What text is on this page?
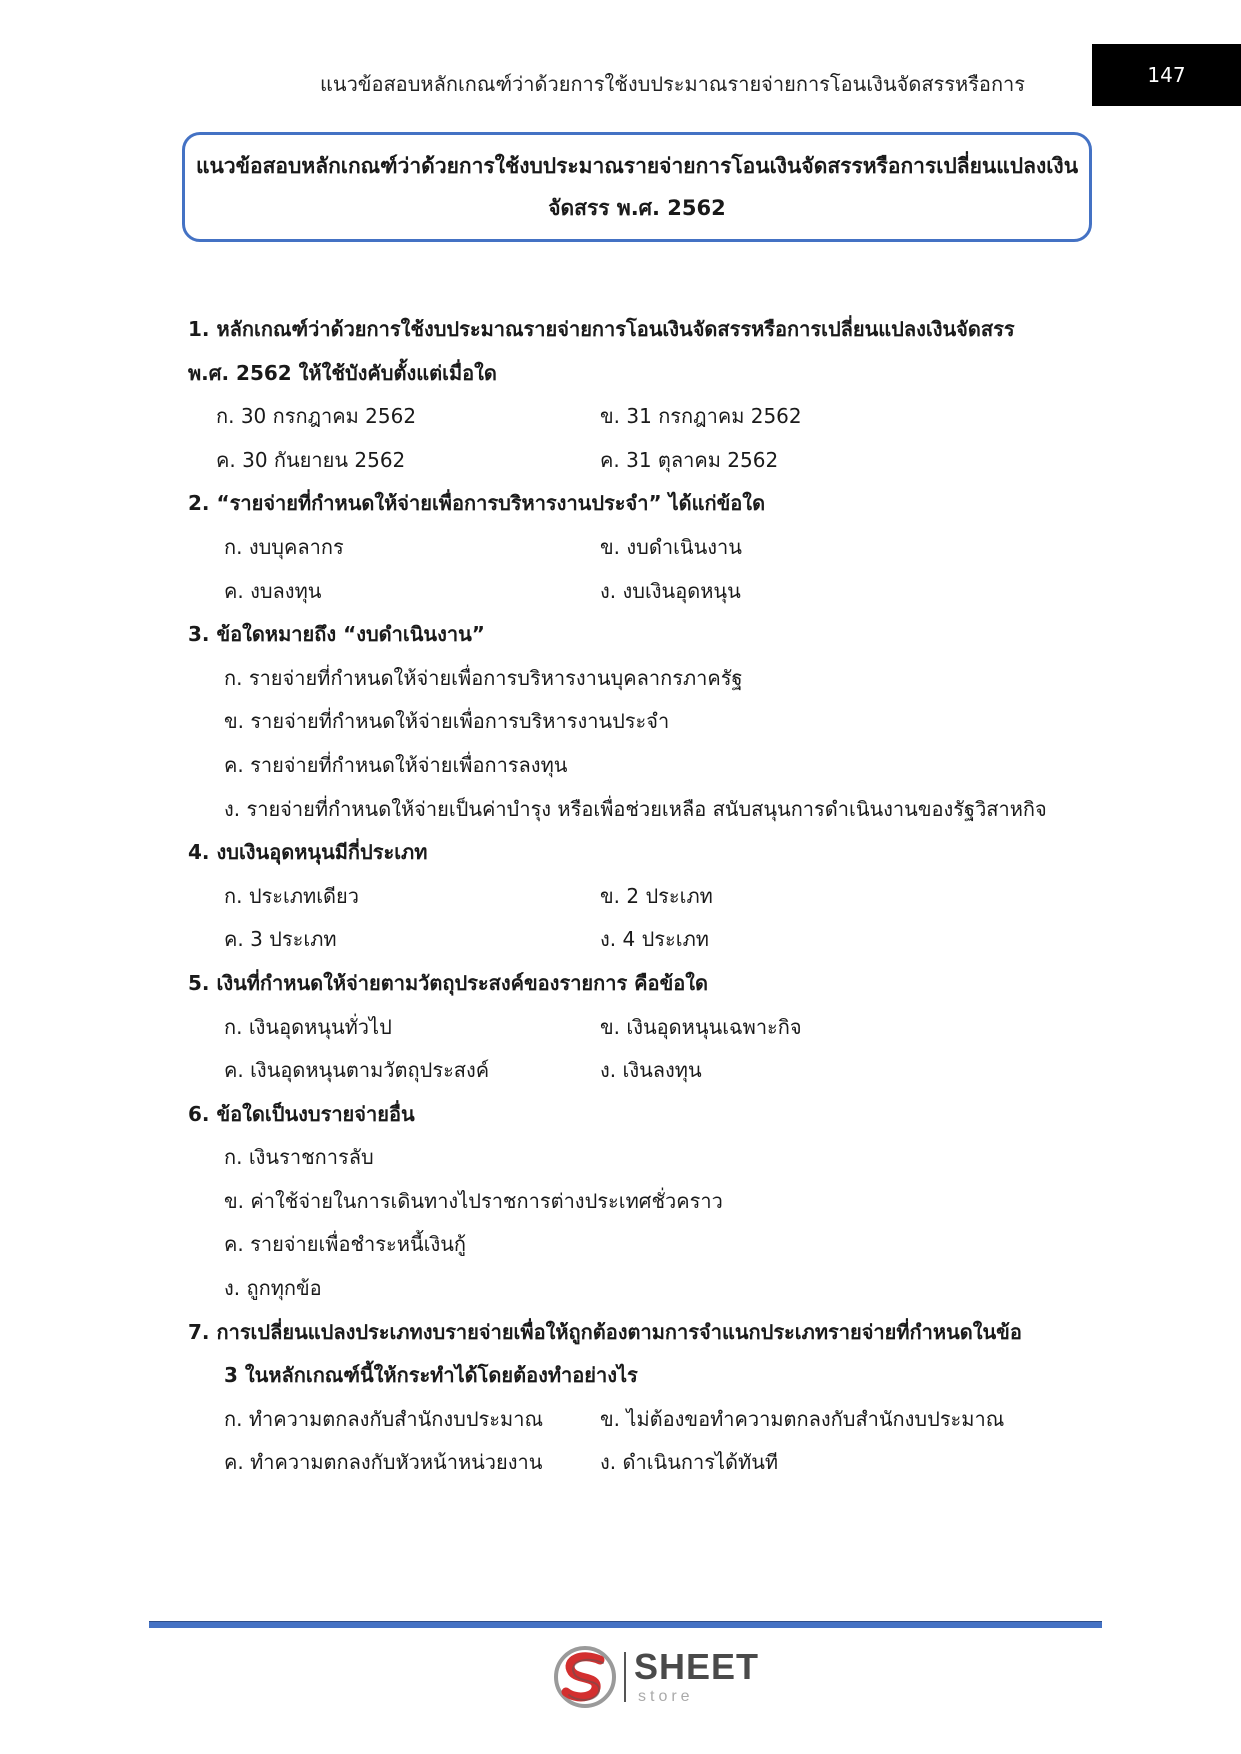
แนวข้อสอบหลักเกณฑ์ว่าด้วยการใช้งบประมาณรายจ่ายการโอนเงินจัดสรรหรือการ	147
แนวข้อสอบหลักเกณฑ์ว่าด้วยการใช้งบประมาณรายจ่ายการโอนเงินจัดสรรหรือการเปลี่ยนแปลงเงิน
จัดสรร พ.ศ. 2562
1. หลักเกณฑ์ว่าด้วยการใช้งบประมาณรายจ่ายการโอนเงินจัดสรรหรือการเปลี่ยนแปลงเงินจัดสรร
พ.ศ. 2562 ให้ใช้บังคับตั้งแต่เมื่อใด
ก. 30 กรกฎาคม 2562	ข. 31 กรกฎาคม 2562
ค. 30 กันยายน 2562	ค. 31 ตุลาคม 2562
2. “รายจ่ายที่กำหนดให้จ่ายเพื่อการบริหารงานประจำ” ได้แก่ข้อใด
ก. งบบุคลากร	ข. งบดำเนินงาน
ค. งบลงทุน	ง. งบเงินอุดหนุน
3. ข้อใดหมายถึง “งบดำเนินงาน”
ก. รายจ่ายที่กำหนดให้จ่ายเพื่อการบริหารงานบุคลากรภาครัฐ
ข. รายจ่ายที่กำหนดให้จ่ายเพื่อการบริหารงานประจำ
ค. รายจ่ายที่กำหนดให้จ่ายเพื่อการลงทุน
ง. รายจ่ายที่กำหนดให้จ่ายเป็นค่าบำรุง หรือเพื่อช่วยเหลือ สนับสนุนการดำเนินงานของรัฐวิสาหกิจ
4. งบเงินอุดหนุนมีกี่ประเภท
ก. ประเภทเดียว	ข. 2 ประเภท
ค. 3 ประเภท	ง. 4 ประเภท
5. เงินที่กำหนดให้จ่ายตามวัตถุประสงค์ของรายการ คือข้อใด
ก. เงินอุดหนุนทั่วไป	ข. เงินอุดหนุนเฉพาะกิจ
ค. เงินอุดหนุนตามวัตถุประสงค์	ง. เงินลงทุน
6. ข้อใดเป็นงบรายจ่ายอื่น
ก. เงินราชการลับ
ข. ค่าใช้จ่ายในการเดินทางไปราชการต่างประเทศชั่วคราว
ค. รายจ่ายเพื่อชำระหนี้เงินกู้
ง. ถูกทุกข้อ
7. การเปลี่ยนแปลงประเภทงบรายจ่ายเพื่อให้ถูกต้องตามการจำแนกประเภทรายจ่ายที่กำหนดในข้อ
3 ในหลักเกณฑ์นี้ให้กระทำได้โดยต้องทำอย่างไร
ก. ทำความตกลงกับสำนักงบประมาณ	ข. ไม่ต้องขอทำความตกลงกับสำนักงบประมาณ
ค. ทำความตกลงกับหัวหน้าหน่วยงาน	ง. ดำเนินการได้ทันที
SHEET
store
